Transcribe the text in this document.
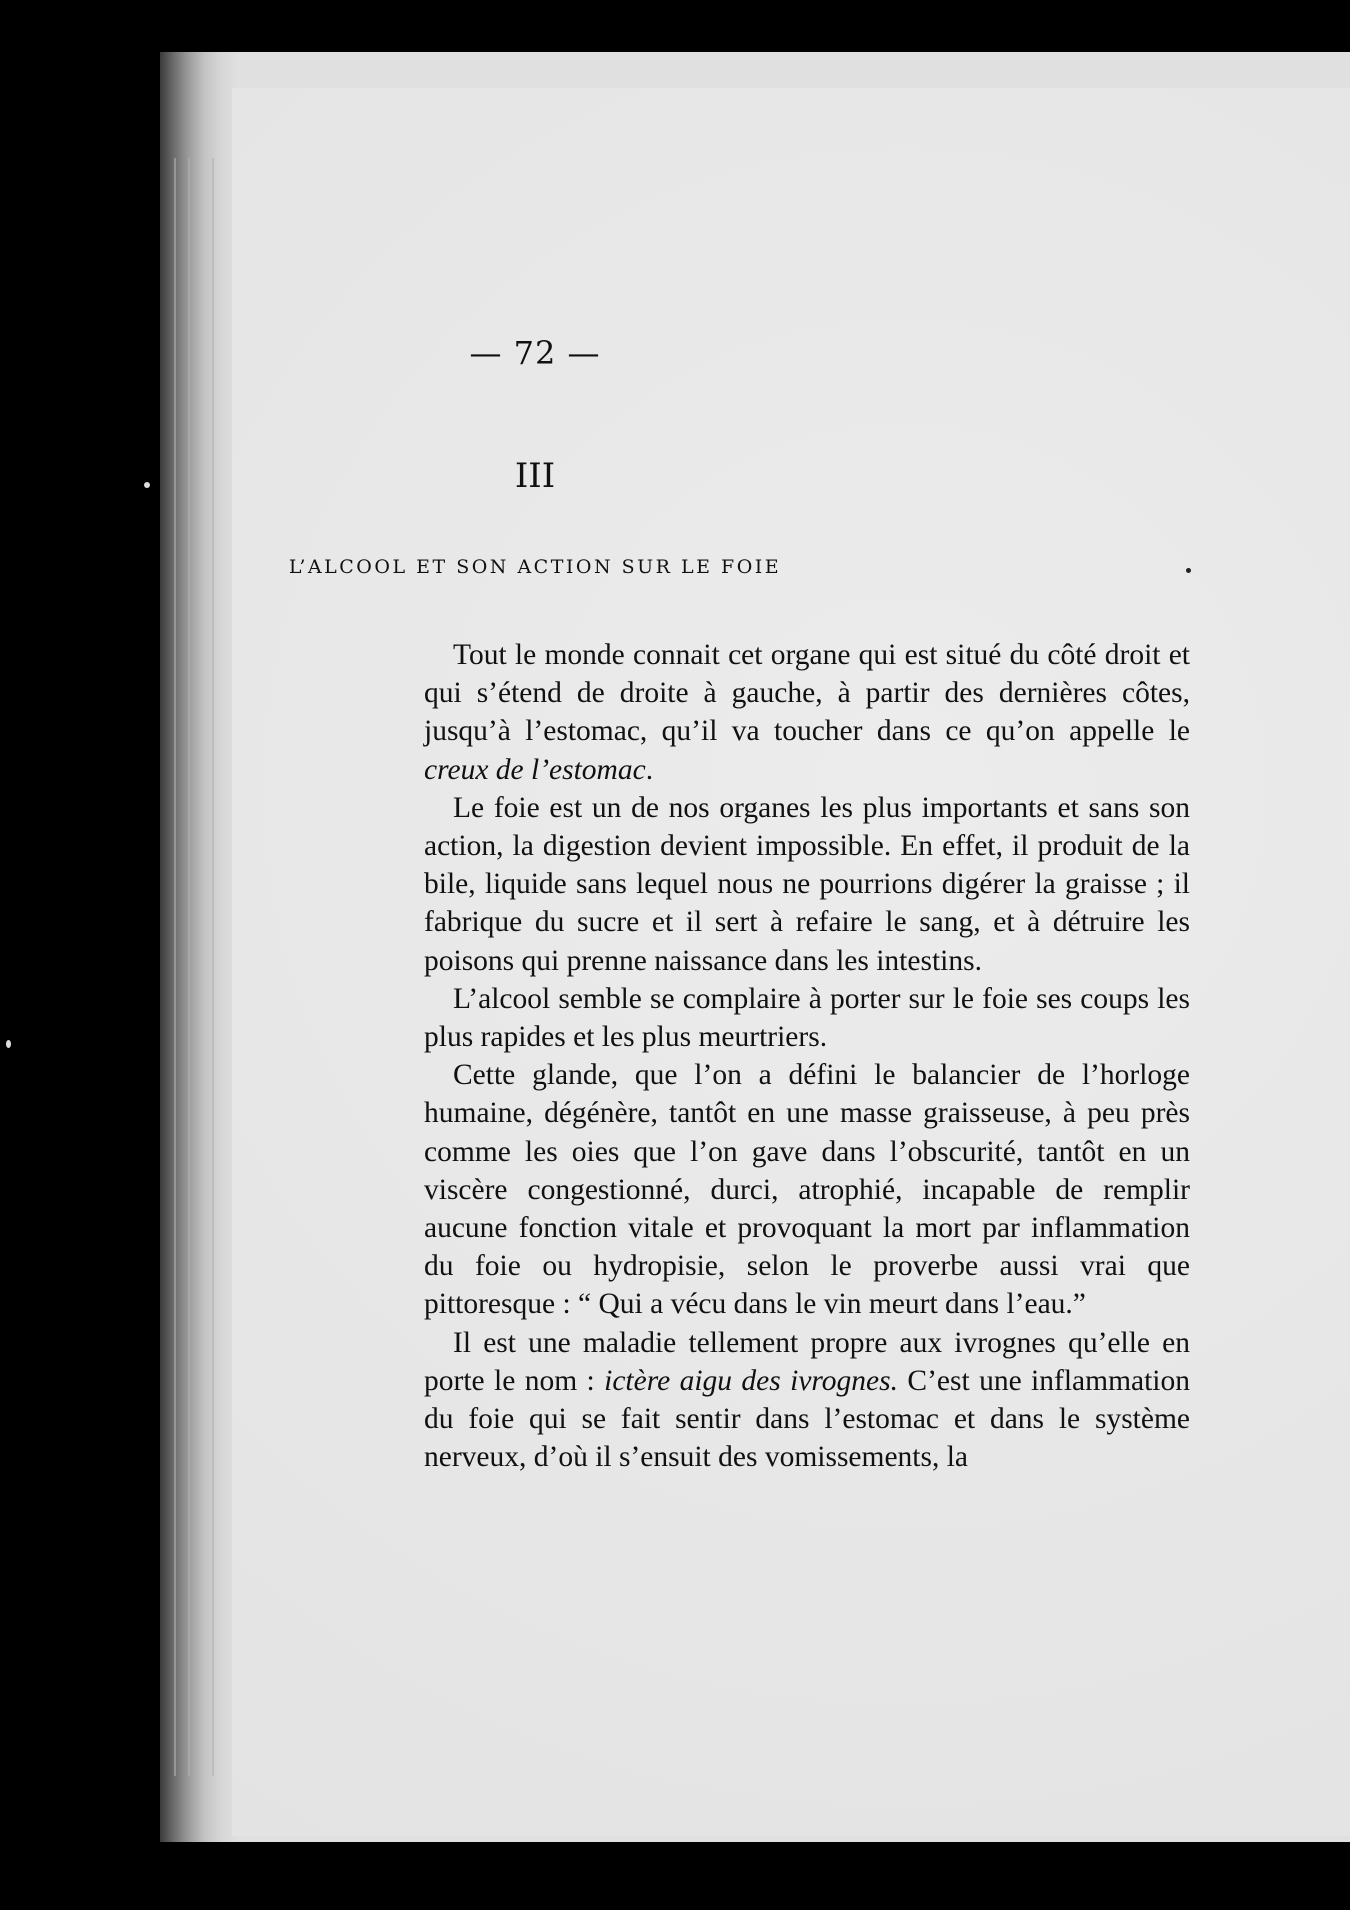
— 72 —
III
L’ALCOOL ET SON ACTION SUR LE FOIE

Tout le monde connait cet organe qui est situé du côté droit et qui s’étend de droite à gauche, à partir des dernières côtes, jusqu’à l’estomac, qu’il va toucher dans ce qu’on appelle le creux de l’estomac.

Le foie est un de nos organes les plus importants et sans son action, la digestion devient impossible. En effet, il produit de la bile, liquide sans lequel nous ne pourrions digérer la graisse ; il fabrique du sucre et il sert à refaire le sang, et à détruire les poisons qui prenne naissance dans les intestins.

L’alcool semble se complaire à porter sur le foie ses coups les plus rapides et les plus meurtriers.

Cette glande, que l’on a défini le balancier de l’horloge humaine, dégénère, tantôt en une masse graisseuse, à peu près comme les oies que l’on gave dans l’obscurité, tantôt en un viscère congestionné, durci, atrophié, incapable de remplir aucune fonction vitale et provoquant la mort par inflammation du foie ou hydropisie, selon le proverbe aussi vrai que pittoresque : “ Qui a vécu dans le vin meurt dans l’eau.”

Il est une maladie tellement propre aux ivrognes qu’elle en porte le nom : ictère aigu des ivrognes. C’est une inflammation du foie qui se fait sentir dans l’estomac et dans le système nerveux, d’où il s’ensuit des vomissements, la
